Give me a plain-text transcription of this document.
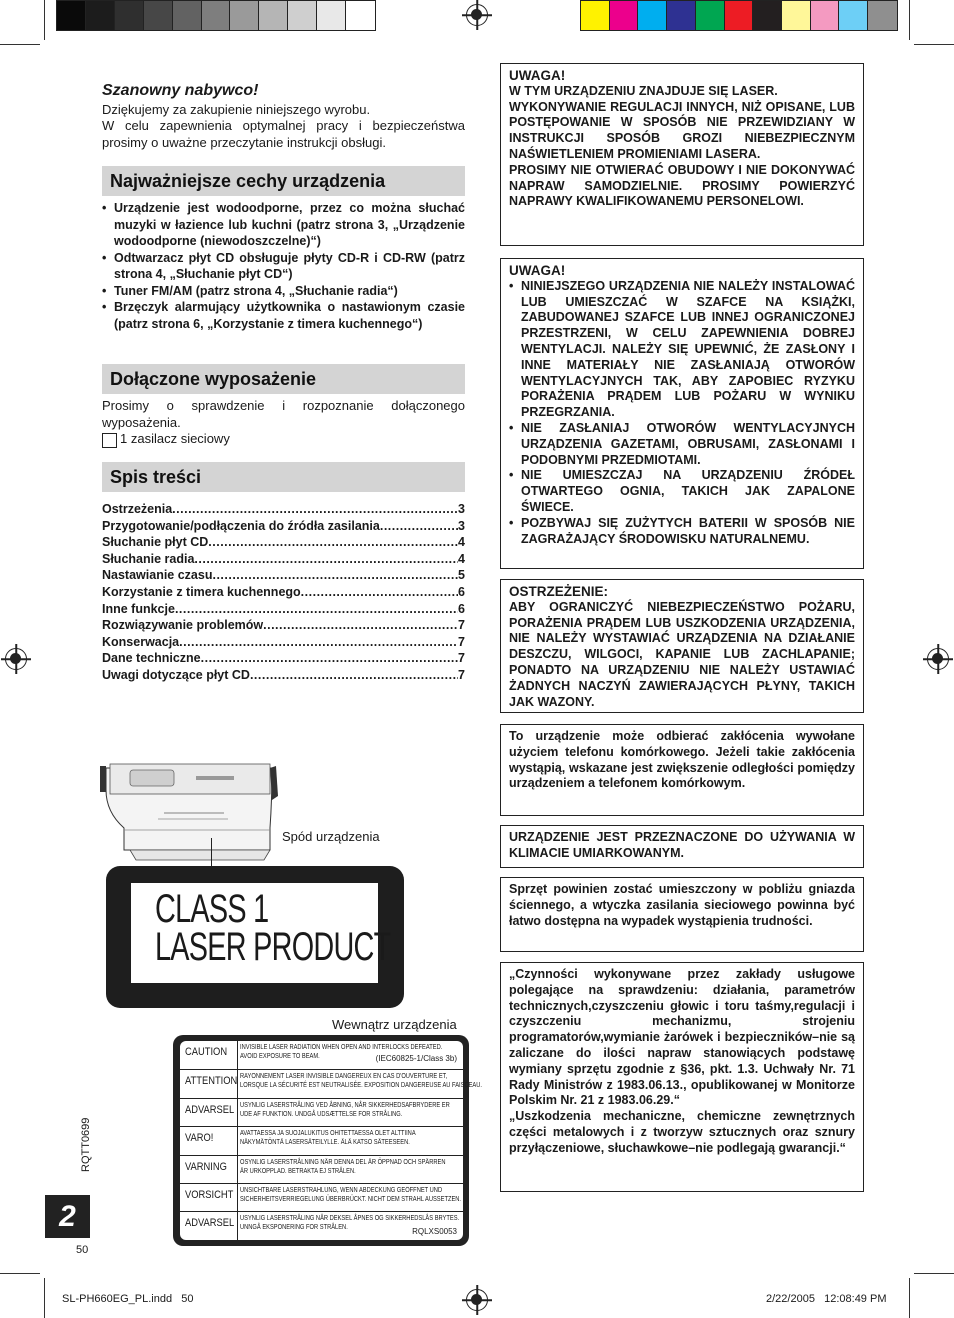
Szanowny nabywco!
Dziękujemy za zakupienie niniejszego wyrobu.
W celu zapewnienia optymalnej pracy i bezpieczeństwa prosimy o uważne przeczytanie instrukcji obsługi.
Najważniejsze cechy urządzenia
• Urządzenie jest wodoodporne, przez co można słuchać muzyki w łazience lub kuchni (patrz strona 3, „Urządzenie wodoodporne (niewodoszczelne)“)
• Odtwarzacz płyt CD obsługuje płyty CD-R i CD-RW (patrz strona 4, „Słuchanie płyt CD“)
• Tuner FM/AM (patrz strona 4, „Słuchanie radia“)
• Brzęczyk alarmujący użytkownika o nastawionym czasie (patrz strona 6, „Korzystanie z timera kuchennego“)
Dołączone wyposażenie
Prosimy o sprawdzenie i rozpoznanie dołączonego wyposażenia.
1 zasilacz sieciowy
Spis treści
Ostrzeżenia .....	3
Przygotowanie/podłączenia do źródła zasilania .....	3
Słuchanie płyt CD .....	4
Słuchanie radia .....	4
Nastawianie czasu .....	5
Korzystanie z timera kuchennego .....	6
Inne funkcje .....	6
Rozwiązywanie problemów .....	7
Konserwacja .....	7
Dane techniczne .....	7
Uwagi dotyczące płyt CD .....	7
Spód urządzenia
CLASS 1
LASER PRODUCT
Wewnątrz urządzenia
CAUTION INVISIBLE LASER RADIATION WHEN OPEN AND INTERLOCKS DEFEATED.
AVOID EXPOSURE TO BEAM.	(IEC60825-1/Class 3b)
ATTENTION RAYONNEMENT LASER INVISIBLE DANGEREUX EN CAS D'OUVERTURE ET,
LORSQUE LA SÉCURITÉ EST NEUTRALISÉE. EXPOSITION DANGEREUSE AU FAISCEAU.
ADVARSEL USYNLIG LASERSTRÅLING VED ÅBNING, NÅR SIKKERHEDSAFBRYDERE ER
UDE AF FUNKTION. UNDGÅ UDSÆTTELSE FOR STRÅLING.
VARO!	AVATTAESSA JA SUOJALUKITUS OHITETTAESSA OLET ALTTIINA
NÄKYMÄTÖNTÄ LASERSÄTEILYLLE. ÄLÄ KATSO SÄTEESEEN.
VARNING OSYNLIG LASERSTRÅLNING NÄR DENNA DEL ÄR ÖPPNAD OCH SPÄRREN
ÄR URKOPPLAD. BETRAKTA EJ STRÅLEN.
VORSICHT UNSICHTBARE LASERSTRAHLUNG, WENN ABDECKUNG GEÖFFNET UND
SICHERHEITSVERRIEGELUNG ÜBERBRÜCKT. NICHT DEM STRAHL AUSSETZEN.
ADVARSEL USYNLIG LASERSTRÅLING NÅR DEKSEL ÅPNES OG SIKKERHEDSLÅS BRYTES.
UNNGÅ EKSPONERING FOR STRÅLEN.	RQLXS0053
RQTT0699
2
50
SL-PH660EG_PL.indd   50	2/22/2005   12:08:49 PM
UWAGA!
W TYM URZĄDZENIU ZNAJDUJE SIĘ LASER.
WYKONYWANIE REGULACJI INNYCH, NIŻ OPISANE, LUB POSTĘPOWANIE W SPOSÓB NIE PRZEWIDZIANY W INSTRUKCJI SPOSÓB GROZI NIEBEZPIECZNYM NAŚWIETLENIEM PROMIENIAMI LASERA.
PROSIMY NIE OTWIERAĆ OBUDOWY I NIE DOKONYWAĆ NAPRAW SAMODZIELNIE. PROSIMY POWIERZYĆ NAPRAWY KWALIFIKOWANEMU PERSONELOWI.
UWAGA!
• NINIEJSZEGO URZĄDZENIA NIE NALEŻY INSTALOWAĆ LUB UMIESZCZAĆ W SZAFCE NA KSIĄŻKI, ZABUDOWANEJ SZAFCE LUB INNEJ OGRANICZONEJ PRZESTRZENI, W CELU ZAPEWNIENIA DOBREJ WENTYLACJI. NALEŻY SIĘ UPEWNIĆ, ŻE ZASŁONY I INNE MATERIAŁY NIE ZASŁANIAJĄ OTWORÓW WENTYLACYJNYCH TAK, ABY ZAPOBIEC RYZYKU PORAŻENIA PRĄDEM LUB POŻARU W WYNIKU PRZEGRZANIA.
• NIE ZASŁANIAJ OTWORÓW WENTYLACYJNYCH URZĄDZENIA GAZETAMI, OBRUSAMI, ZASŁONAMI I PODOBNYMI PRZEDMIOTAMI.
• NIE UMIESZCZAJ NA URZĄDZENIU ŹRÓDEŁ OTWARTEGO OGNIA, TAKICH JAK ZAPALONE ŚWIECE.
• POZBYWAJ SIĘ ZUŻYTYCH BATERII W SPOSÓB NIE ZAGRAŻAJĄCY ŚRODOWISKU NATURALNEMU.
OSTRZEŻENIE:
ABY OGRANICZYĆ NIEBEZPIECZEŃSTWO POŻARU, PORAŻENIA PRĄDEM LUB USZKODZENIA URZĄDZENIA, NIE NALEŻY WYSTAWIAĆ URZĄDZENIA NA DZIAŁANIE DESZCZU, WILGOCI, KAPANIE LUB ZACHLAPANIE; PONADTO NA URZĄDZENIU NIE NALEŻY USTAWIAĆ ŻADNYCH NACZYŃ ZAWIERAJĄCYCH PŁYNY, TAKICH JAK WAZONY.
To urządzenie może odbierać zakłócenia wywołane użyciem telefonu komórkowego. Jeżeli takie zakłócenia wystąpią, wskazane jest zwiększenie odległości pomiędzy urządzeniem a telefonem komórkowym.
URZĄDZENIE JEST PRZEZNACZONE DO UŻYWANIA W KLIMACIE UMIARKOWANYM.
Sprzęt powinien zostać umieszczony w pobliżu gniazda ściennego, a wtyczka zasilania sieciowego powinna być łatwo dostępna na wypadek wystąpienia trudności.
„Czynności wykonywane przez zakłady usługowe polegające na sprawdzeniu: działania, parametrów technicznych,czyszczeniu głowic i toru taśmy,regulacji i czyszczeniu mechanizmu, strojeniu programatorów,wymianie żarówek i bezpieczników–nie są zaliczane do ilości napraw stanowiących podstawę wymiany sprzętu zgodnie z §36, pkt. 1.3. Uchwały Nr. 71 Rady Ministrów z 1983.06.13., opublikowanej w Monitorze Polskim Nr. 21 z 1983.06.29.“
„Uszkodzenia mechaniczne, chemiczne zewnętrznych części metalowych i z tworzyw sztucznych oraz sznury przyłączeniowe, słuchawkowe–nie podlegają gwarancji.“
